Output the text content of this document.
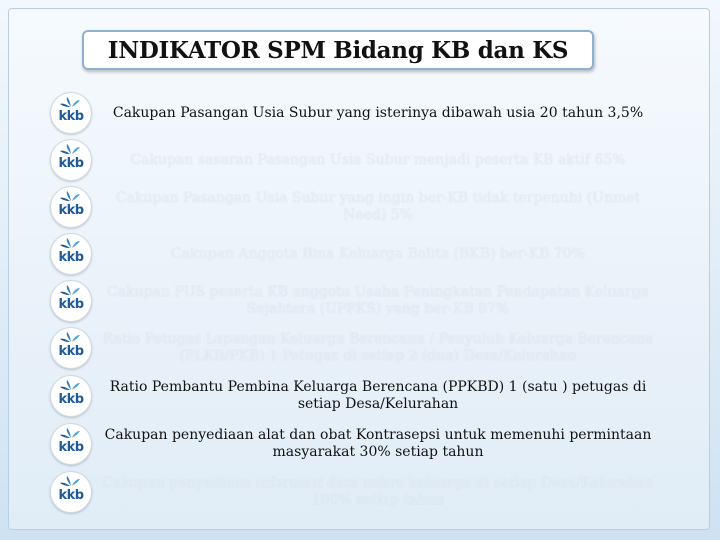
INDIKATOR SPM Bidang KB dan KS
kkb	Cakupan Pasangan Usia Subur yang isterinya dibawah usia 20 tahun 3,5%
kkb	Cakupan sasaran Pasangan Usia Subur menjadi peserta KB aktif 65%
kkb
Cakupan Pasangan Usia Subur yang ingin ber-KB tidak terpenuhi (Unmet Need) 5%
kkb	Cakupan Anggota Bina Keluarga Balita (BKB) ber-KB 70%
kkb
Cakupan PUS peserta KB anggota Usaha Peningkatan Pendapatan Keluarga Sejahtera (UPPKS) yang ber-KB 87%
kkb
Ratio Petugas Lapangan Keluarga Berencana / Penyuluh Keluarga Berencana (PLKB/PKB) 1 Petugas di setiap 2 (dua) Desa/Kelurahan
kkb
Ratio Pembantu Pembina Keluarga Berencana (PPKBD) 1 (satu ) petugas di setiap Desa/Kelurahan
kkb
Cakupan penyediaan alat dan obat Kontrasepsi untuk memenuhi permintaan masyarakat 30% setiap tahun
kkb
Cakupan penyediaan informasi data mikro keluarga di setiap Desa/Kelurahan 100% setiap tahun
